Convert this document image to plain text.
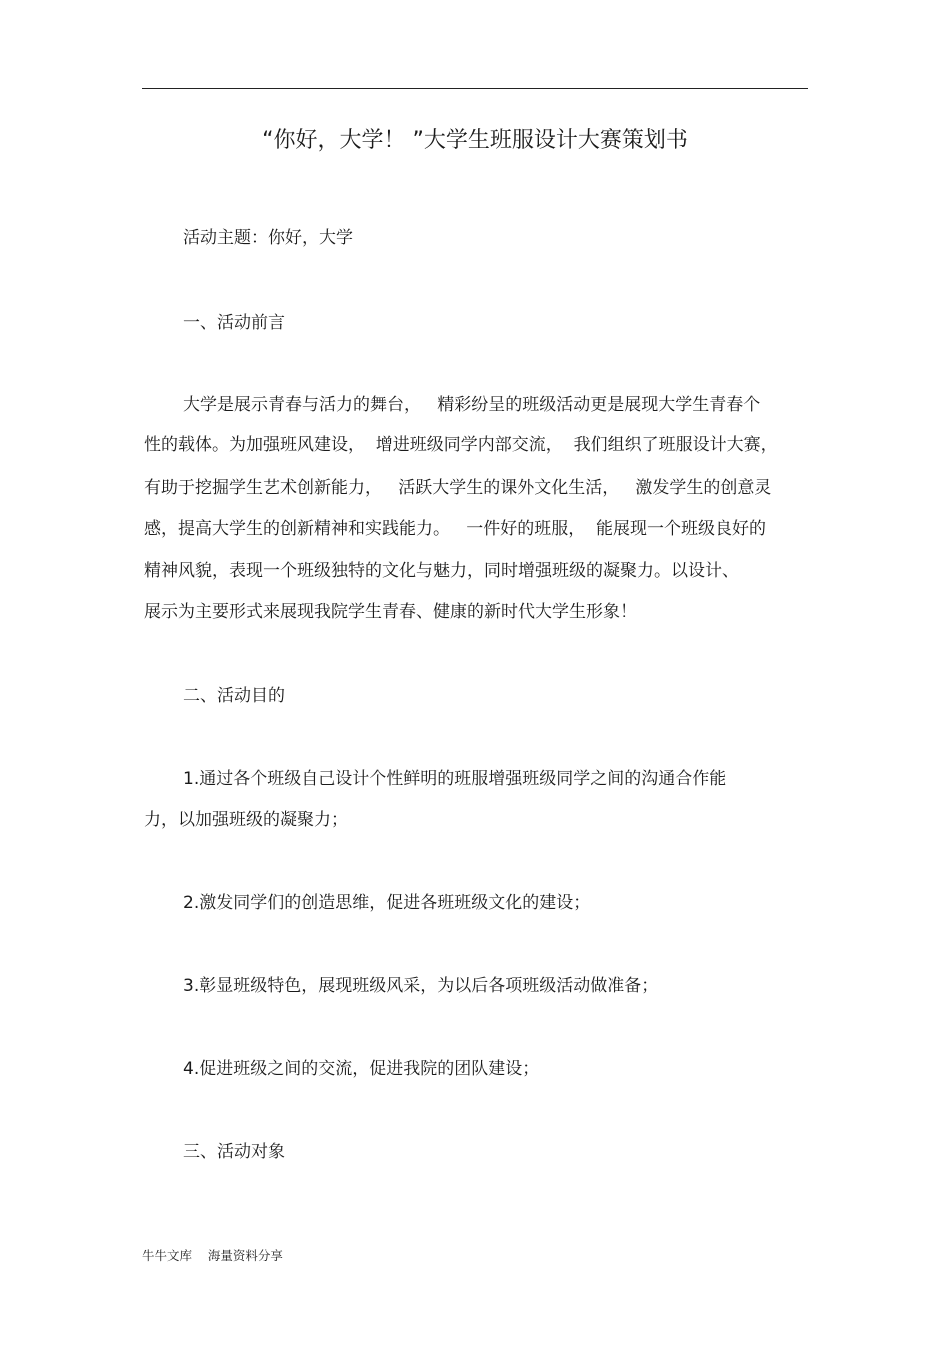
“你好，大学！ ”大学生班服设计大赛策划书
活动主题：你好，大学
一、活动前言
大学是展示青春与活力的舞台，   精彩纷呈的班级活动更是展现大学生青春个
性的载体。为加强班风建设，  增进班级同学内部交流，  我们组织了班服设计大赛，
有助于挖掘学生艺术创新能力，   活跃大学生的课外文化生活，   激发学生的创意灵
感，提高大学生的创新精神和实践能力。   一件好的班服，  能展现一个班级良好的
精神风貌，表现一个班级独特的文化与魅力，同时增强班级的凝聚力。以设计、
展示为主要形式来展现我院学生青春、健康的新时代大学生形象！
二、活动目的
1.通过各个班级自己设计个性鲜明的班服增强班级同学之间的沟通合作能
力，以加强班级的凝聚力；
2.激发同学们的创造思维，促进各班班级文化的建设；
3.彰显班级特色，展现班级风采，为以后各项班级活动做准备；
4.促进班级之间的交流，促进我院的团队建设；
三、活动对象
牛牛文库    海量资料分享
